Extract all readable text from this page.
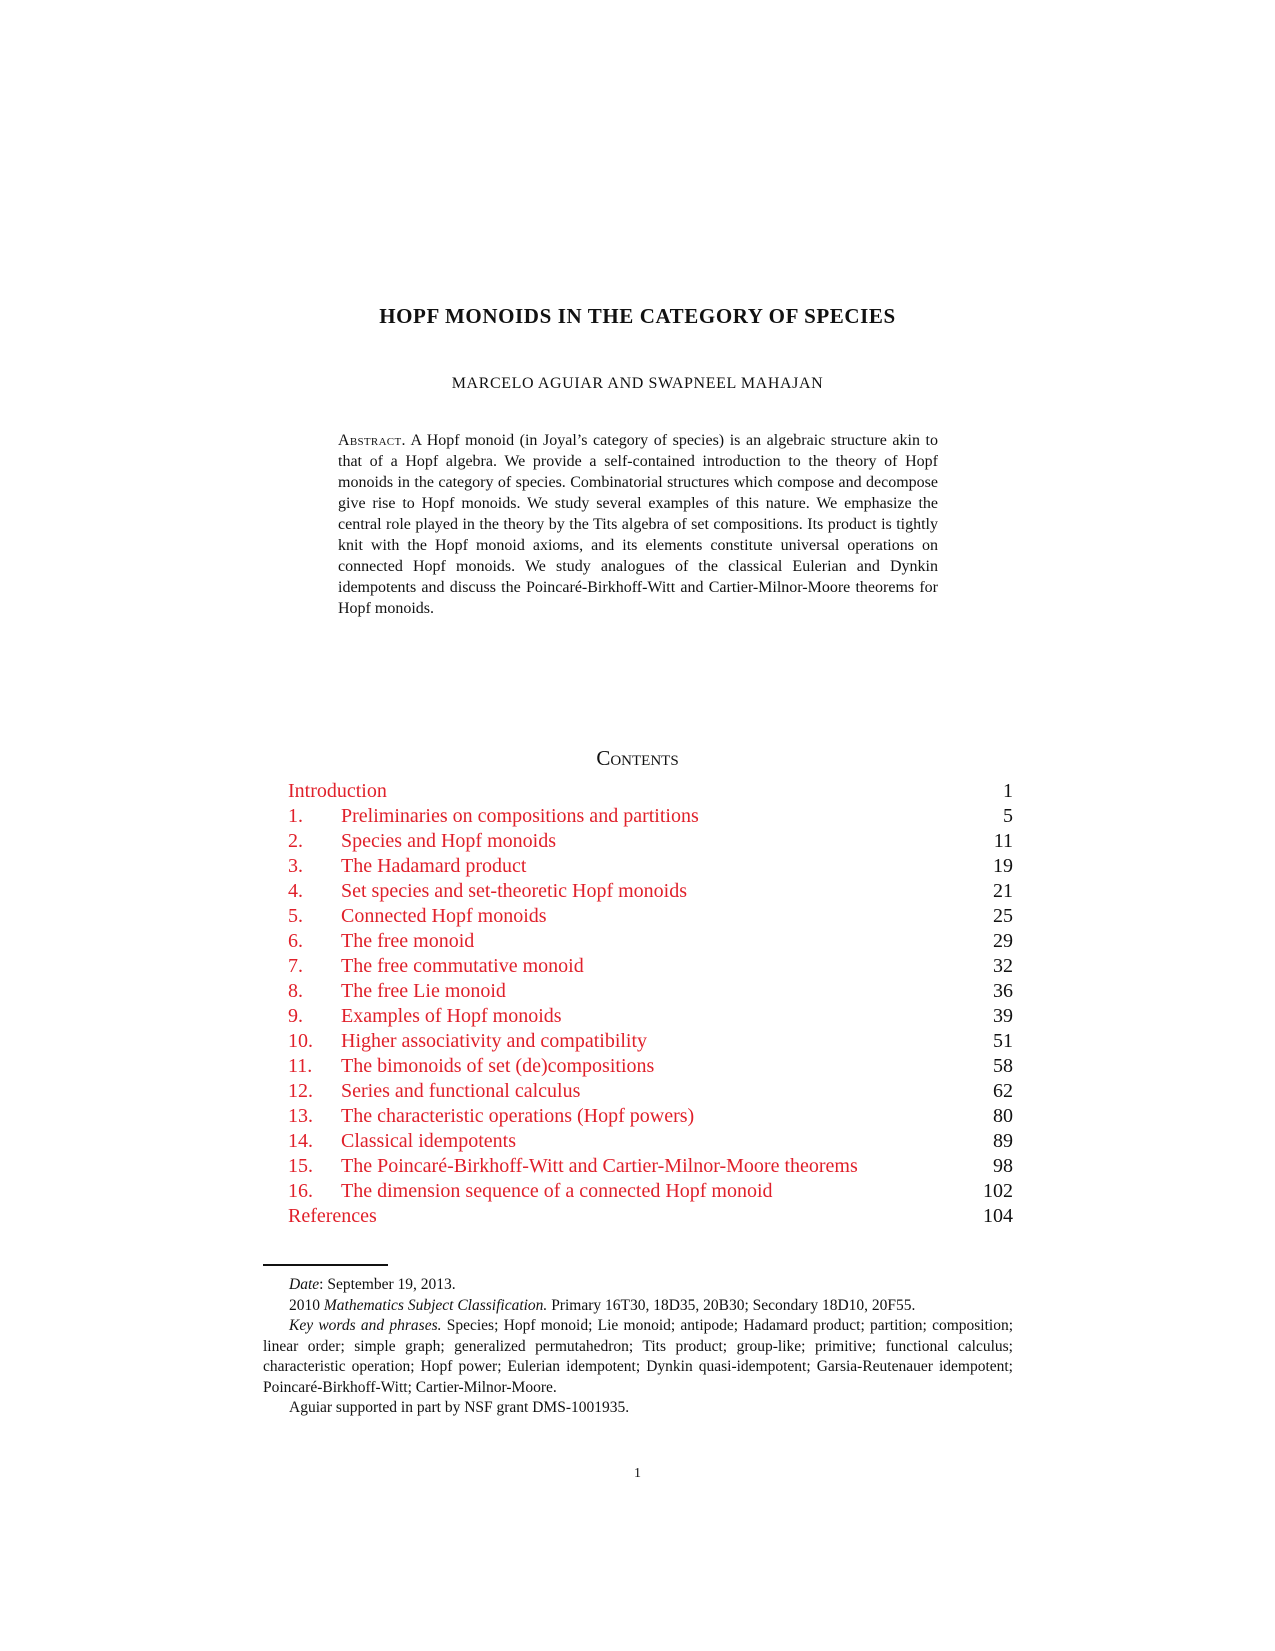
HOPF MONOIDS IN THE CATEGORY OF SPECIES
MARCELO AGUIAR AND SWAPNEEL MAHAJAN
Abstract. A Hopf monoid (in Joyal’s category of species) is an algebraic structure akin to that of a Hopf algebra. We provide a self-contained introduction to the theory of Hopf monoids in the category of species. Combinatorial structures which compose and decompose give rise to Hopf monoids. We study several examples of this nature. We emphasize the central role played in the theory by the Tits algebra of set compositions. Its product is tightly knit with the Hopf monoid axioms, and its elements constitute universal operations on connected Hopf monoids. We study analogues of the classical Eulerian and Dynkin idempotents and discuss the Poincaré-Birkhoff-Witt and Cartier-Milnor-Moore theorems for Hopf monoids.
Contents
Introduction	1
1. Preliminaries on compositions and partitions	5
2. Species and Hopf monoids	11
3. The Hadamard product	19
4. Set species and set-theoretic Hopf monoids	21
5. Connected Hopf monoids	25
6. The free monoid	29
7. The free commutative monoid	32
8. The free Lie monoid	36
9. Examples of Hopf monoids	39
10. Higher associativity and compatibility	51
11. The bimonoids of set (de)compositions	58
12. Series and functional calculus	62
13. The characteristic operations (Hopf powers)	80
14. Classical idempotents	89
15. The Poincaré-Birkhoff-Witt and Cartier-Milnor-Moore theorems	98
16. The dimension sequence of a connected Hopf monoid	102
References	104

Date: September 19, 2013.

2010 Mathematics Subject Classification. Primary 16T30, 18D35, 20B30; Secondary 18D10, 20F55.

Key words and phrases. Species; Hopf monoid; Lie monoid; antipode; Hadamard product; partition; composition; linear order; simple graph; generalized permutahedron; Tits product; group-like; primitive; functional calculus; characteristic operation; Hopf power; Eulerian idempotent; Dynkin quasi-idempotent; Garsia-Reutenauer idempotent; Poincaré-Birkhoff-Witt; Cartier-Milnor-Moore.

Aguiar supported in part by NSF grant DMS-1001935.

1
